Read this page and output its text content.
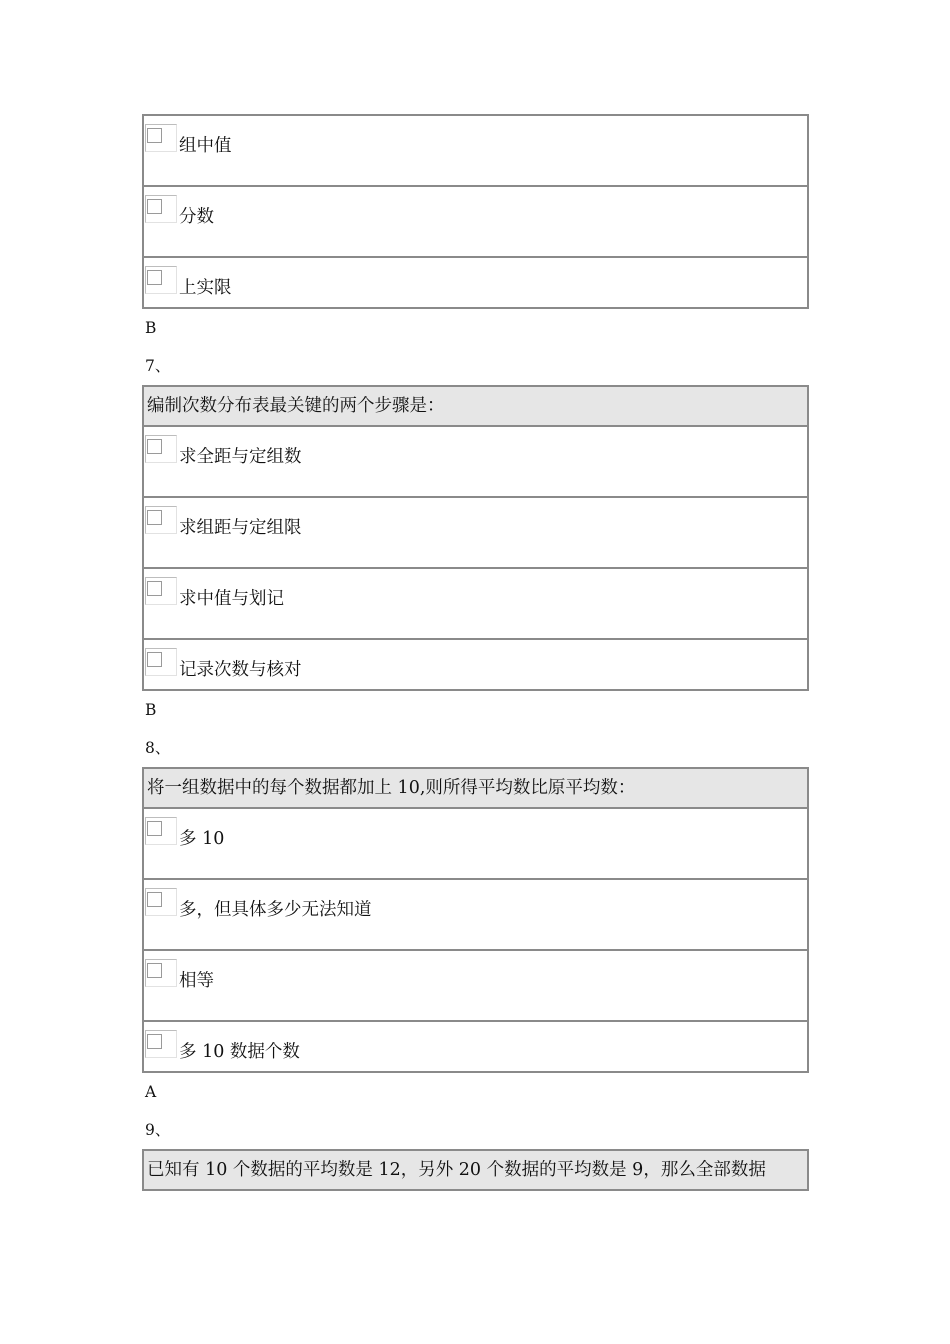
组中值
分数
上实限
B
7、
编制次数分布表最关键的两个步骤是：
求全距与定组数
求组距与定组限
求中值与划记
记录次数与核对
B
8、
将一组数据中的每个数据都加上 10,则所得平均数比原平均数：
多 10
多，但具体多少无法知道
相等
多 10 数据个数
A
9、
已知有 10 个数据的平均数是 12，另外 20 个数据的平均数是 9，那么全部数据
